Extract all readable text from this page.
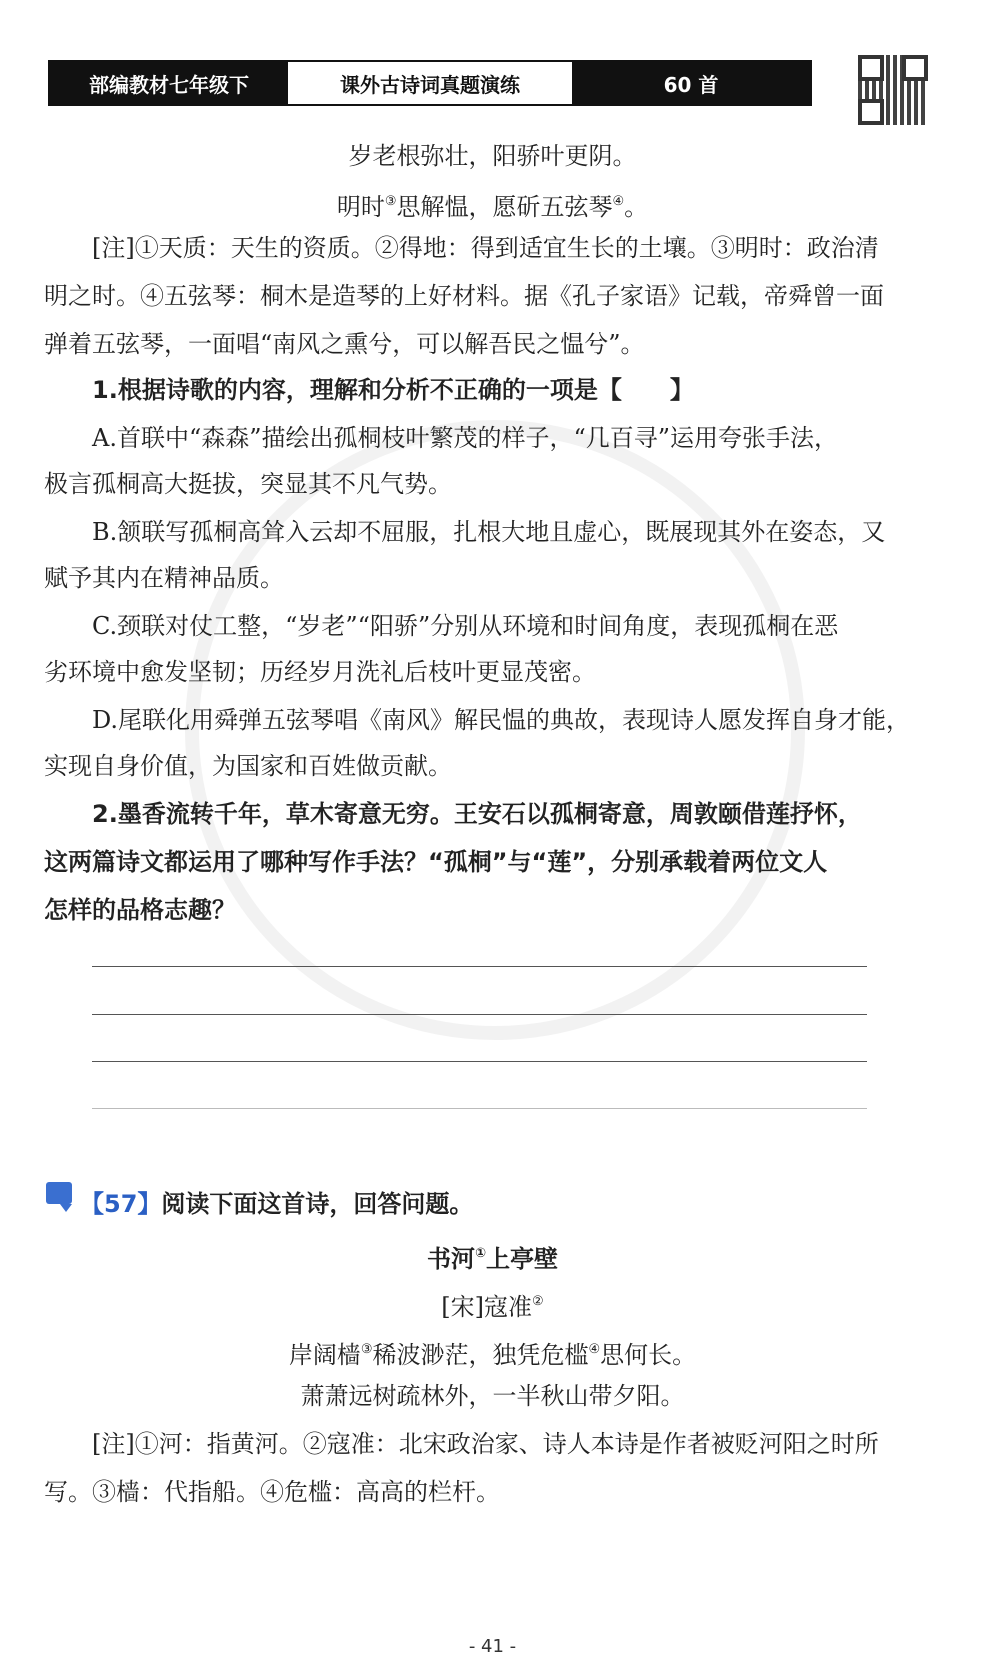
部编教材七年级下	课外古诗词真题演练	60 首
岁老根弥壮，阳骄叶更阴。
明时③思解愠，愿斫五弦琴④。
[注]①天质：天生的资质。②得地：得到适宜生长的土壤。③明时：政治清
明之时。④五弦琴：桐木是造琴的上好材料。据《孔子家语》记载，帝舜曾一面
弹着五弦琴，一面唱“南风之熏兮，可以解吾民之愠兮”。
1.根据诗歌的内容，理解和分析不正确的一项是【　　】
A.首联中“森森”描绘出孤桐枝叶繁茂的样子，“几百寻”运用夸张手法，
极言孤桐高大挺拔，突显其不凡气势。
B.颔联写孤桐高耸入云却不屈服，扎根大地且虚心，既展现其外在姿态，又
赋予其内在精神品质。
C.颈联对仗工整，“岁老”“阳骄”分别从环境和时间角度，表现孤桐在恶
劣环境中愈发坚韧；历经岁月洗礼后枝叶更显茂密。
D.尾联化用舜弹五弦琴唱《南风》解民愠的典故，表现诗人愿发挥自身才能，
实现自身价值，为国家和百姓做贡献。
2.墨香流转千年，草木寄意无穷。王安石以孤桐寄意，周敦颐借莲抒怀，
这两篇诗文都运用了哪种写作手法？“孤桐”与“莲”，分别承载着两位文人
怎样的品格志趣？
【57】阅读下面这首诗，回答问题。
书河①上亭壁
[宋]寇准②
岸阔樯③稀波渺茫，独凭危槛④思何长。
萧萧远树疏林外，一半秋山带夕阳。
[注]①河：指黄河。②寇准：北宋政治家、诗人本诗是作者被贬河阳之时所
写。③樯：代指船。④危槛：高高的栏杆。
- 41 -
